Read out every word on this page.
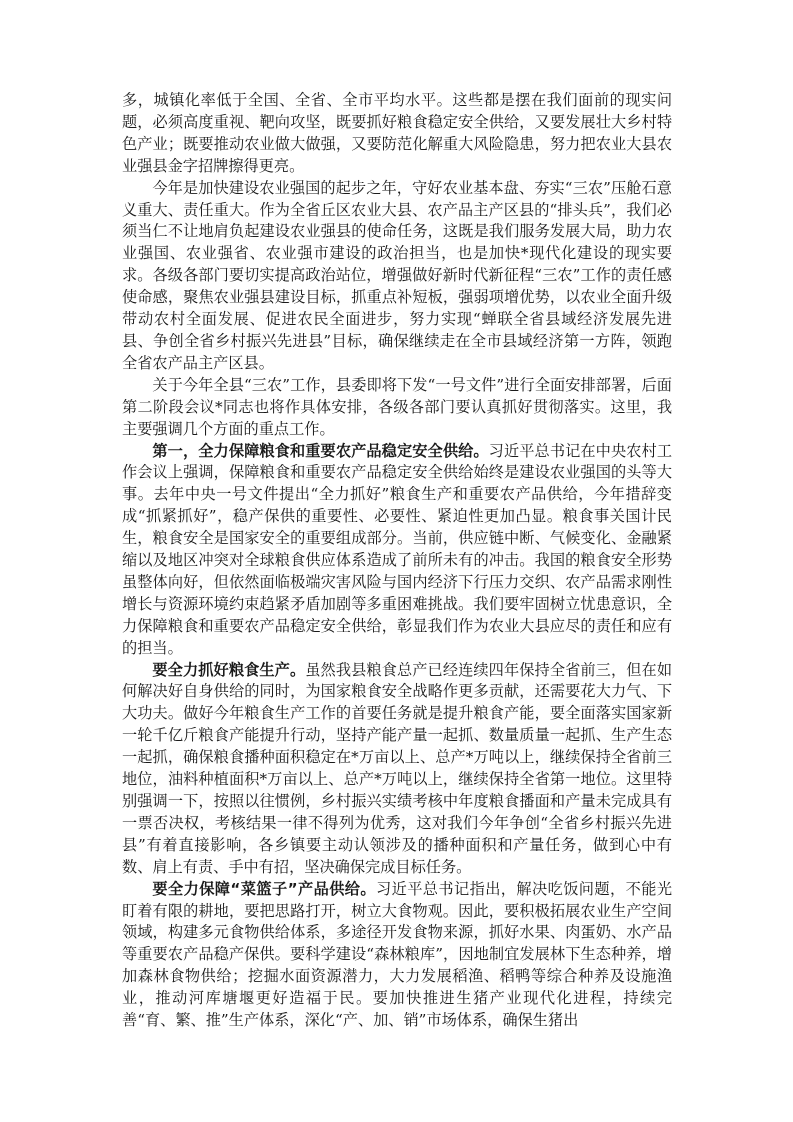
多，城镇化率低于全国、全省、全市平均水平。这些都是摆在我们面前的现实问题，必须高度重视、靶向攻坚，既要抓好粮食稳定安全供给，又要发展壮大乡村特色产业；既要推动农业做大做强，又要防范化解重大风险隐患，努力把农业大县农业强县金字招牌擦得更亮。

今年是加快建设农业强国的起步之年，守好农业基本盘、夯实“三农”压舱石意义重大、责任重大。作为全省丘区农业大县、农产品主产区县的“排头兵”，我们必须当仁不让地肩负起建设农业强县的使命任务，这既是我们服务发展大局，助力农业强国、农业强省、农业强市建设的政治担当，也是加快*现代化建设的现实要求。各级各部门要切实提高政治站位，增强做好新时代新征程“三农”工作的责任感使命感，聚焦农业强县建设目标，抓重点补短板，强弱项增优势，以农业全面升级带动农村全面发展、促进农民全面进步，努力实现“蝉联全省县域经济发展先进县、争创全省乡村振兴先进县”目标，确保继续走在全市县域经济第一方阵，领跑全省农产品主产区县。

关于今年全县“三农”工作，县委即将下发“一号文件”进行全面安排部署，后面第二阶段会议*同志也将作具体安排，各级各部门要认真抓好贯彻落实。这里，我主要强调几个方面的重点工作。

第一，全力保障粮食和重要农产品稳定安全供给。习近平总书记在中央农村工作会议上强调，保障粮食和重要农产品稳定安全供给始终是建设农业强国的头等大事。去年中央一号文件提出“全力抓好”粮食生产和重要农产品供给，今年措辞变成“抓紧抓好”，稳产保供的重要性、必要性、紧迫性更加凸显。粮食事关国计民生，粮食安全是国家安全的重要组成部分。当前，供应链中断、气候变化、金融紧缩以及地区冲突对全球粮食供应体系造成了前所未有的冲击。我国的粮食安全形势虽整体向好，但依然面临极端灾害风险与国内经济下行压力交织、农产品需求刚性增长与资源环境约束趋紧矛盾加剧等多重困难挑战。我们要牢固树立忧患意识，全力保障粮食和重要农产品稳定安全供给，彰显我们作为农业大县应尽的责任和应有的担当。

要全力抓好粮食生产。虽然我县粮食总产已经连续四年保持全省前三，但在如何解决好自身供给的同时，为国家粮食安全战略作更多贡献，还需要花大力气、下大功夫。做好今年粮食生产工作的首要任务就是提升粮食产能，要全面落实国家新一轮千亿斤粮食产能提升行动，坚持产能产量一起抓、数量质量一起抓、生产生态一起抓，确保粮食播种面积稳定在*万亩以上、总产*万吨以上，继续保持全省前三地位，油料种植面积*万亩以上、总产*万吨以上，继续保持全省第一地位。这里特别强调一下，按照以往惯例，乡村振兴实绩考核中年度粮食播面和产量未完成具有一票否决权，考核结果一律不得列为优秀，这对我们今年争创“全省乡村振兴先进县”有着直接影响，各乡镇要主动认领涉及的播种面积和产量任务，做到心中有数、肩上有责、手中有招，坚决确保完成目标任务。

要全力保障“菜篮子”产品供给。习近平总书记指出，解决吃饭问题，不能光盯着有限的耕地，要把思路打开，树立大食物观。因此，要积极拓展农业生产空间领域，构建多元食物供给体系，多途径开发食物来源，抓好水果、肉蛋奶、水产品等重要农产品稳产保供。要科学建设“森林粮库”，因地制宜发展林下生态种养，增加森林食物供给；挖掘水面资源潜力，大力发展稻渔、稻鸭等综合种养及设施渔业，推动河库塘堰更好造福于民。要加快推进生猪产业现代化进程，持续完善“育、繁、推”生产体系，深化“产、加、销”市场体系，确保生猪出
